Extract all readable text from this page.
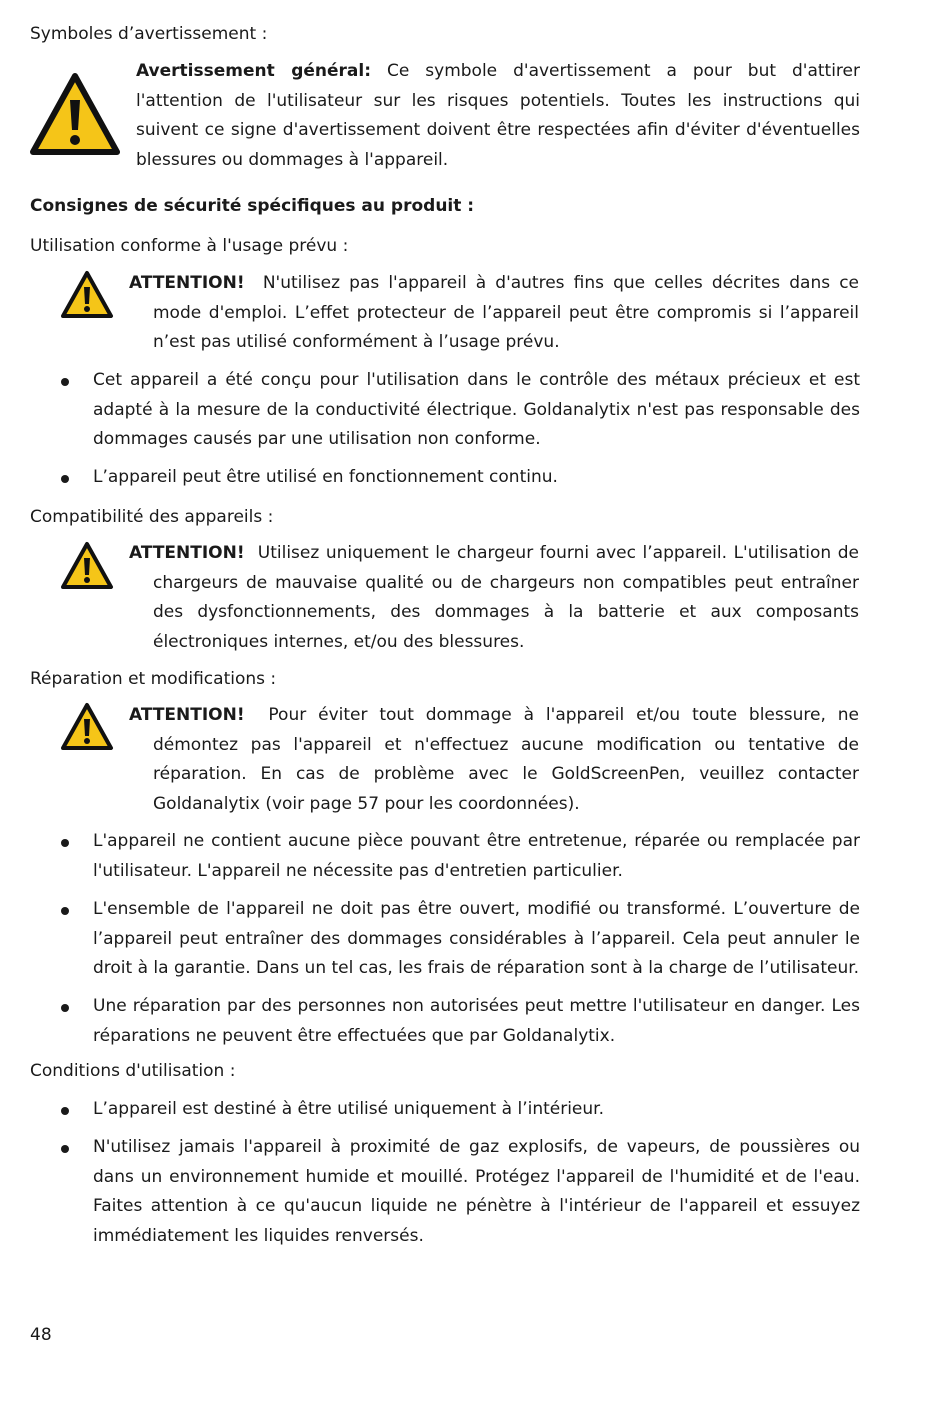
Symboles d’avertissement :
Avertissement général: Ce symbole d'avertissement a pour but d'attirer l'attention de l'utilisateur sur les risques potentiels. Toutes les instructions qui suivent ce signe d'avertissement doivent être respectées afin d'éviter d'éventuelles blessures ou dommages à l'appareil.
Consignes de sécurité spécifiques au produit :
Utilisation conforme à l'usage prévu :
ATTENTION! N'utilisez pas l'appareil à d'autres fins que celles décrites dans ce
mode d'emploi. L’effet protecteur de l’appareil peut être compromis si l’appareil n’est pas utilisé conformément à l’usage prévu.
Cet appareil a été conçu pour l'utilisation dans le contrôle des métaux précieux et est adapté à la mesure de la conductivité électrique. Goldanalytix n'est pas responsable des dommages causés par une utilisation non conforme.
L’appareil peut être utilisé en fonctionnement continu.
Compatibilité des appareils :
ATTENTION! Utilisez uniquement le chargeur fourni avec l’appareil. L'utilisation de
chargeurs de mauvaise qualité ou de chargeurs non compatibles peut entraîner des dysfonctionnements, des dommages à la batterie et aux composants électroniques internes, et/ou des blessures.
Réparation et modifications :
ATTENTION! Pour éviter tout dommage à l'appareil et/ou toute blessure, ne
démontez pas l'appareil et n'effectuez aucune modification ou tentative de réparation. En cas de problème avec le GoldScreenPen, veuillez contacter Goldanalytix (voir page 57 pour les coordonnées).
L'appareil ne contient aucune pièce pouvant être entretenue, réparée ou remplacée par l'utilisateur. L'appareil ne nécessite pas d'entretien particulier.
L'ensemble de l'appareil ne doit pas être ouvert, modifié ou transformé. L’ouverture de l’appareil peut entraîner des dommages considérables à l’appareil. Cela peut annuler le droit à la garantie. Dans un tel cas, les frais de réparation sont à la charge de l’utilisateur.
Une réparation par des personnes non autorisées peut mettre l'utilisateur en danger. Les réparations ne peuvent être effectuées que par Goldanalytix.
Conditions d'utilisation :
L’appareil est destiné à être utilisé uniquement à l’intérieur.
N'utilisez jamais l'appareil à proximité de gaz explosifs, de vapeurs, de poussières ou dans un environnement humide et mouillé. Protégez l'appareil de l'humidité et de l'eau. Faites attention à ce qu'aucun liquide ne pénètre à l'intérieur de l'appareil et essuyez immédiatement les liquides renversés.
48
